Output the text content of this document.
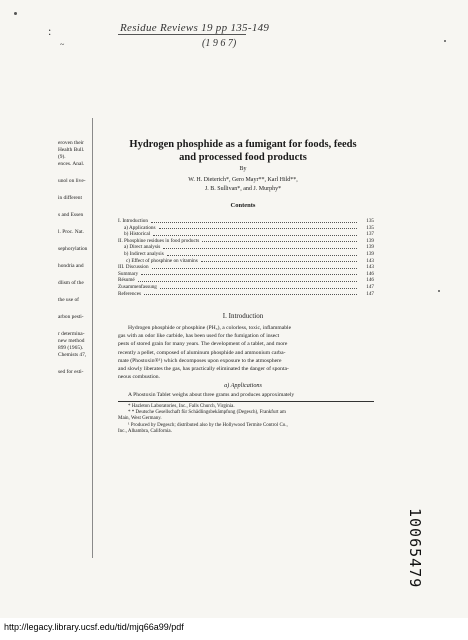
:
~
Residue Reviews 19 pp 135-149
(1 9 6 7)
eroven their
Health Bull.
(9).
ences. Anal.
unol on live-
in different
s and Essen
l. Proc. Nat.
sephorylation
hondria and
dlism of the
the use of
arbon pesti-
r determina-
new method
899 (1965).
Chemists 47,
sed for esti-
Hydrogen phosphide as a fumigant for foods, feeds
and processed food products
By
W. H. Dieterich*, Gero Mayr**, Karl Hild**,
J. B. Sullivan*, and J. Murphy*
Contents
I. Introduction	135
a) Applications	135
b) Historical	137
II. Phosphine residues in food products	139
a) Direct analysis	139
b) Indirect analysis	139
c) Effect of phosphine on vitamins	143
III. Discussion	143
Summary	146
Résumé	146
Zusammenfassung	147
References	147
I. Introduction
Hydrogen phosphide or phosphine (PH₃), a colorless, toxic, inflammable
gas with an odor like carbide, has been used for the fumigation of insect
pests of stored grain for many years. The development of a tablet, and more
recently a pellet, composed of aluminum phosphide and ammonium carba-
mate (Phostoxin®¹) which decomposes upon exposure to the atmosphere
and slowly liberates the gas, has practically eliminated the danger of sponta-
neous combustion.
a) Applications
A Phostoxin Tablet weighs about three grams and produces approximately
* Hazleton Laboratories, Inc., Falls Church, Virginia.
* * Deutsche Gesellschaft für Schädlingsbekämpfung (Degesch), Frankfurt am
Main, West Germany.
¹ Produced by Degesch; distributed also by the Hollywood Termite Control Co.,
Inc., Alhambra, California.
10065479
http://legacy.library.ucsf.edu/tid/mjq66a99/pdf
